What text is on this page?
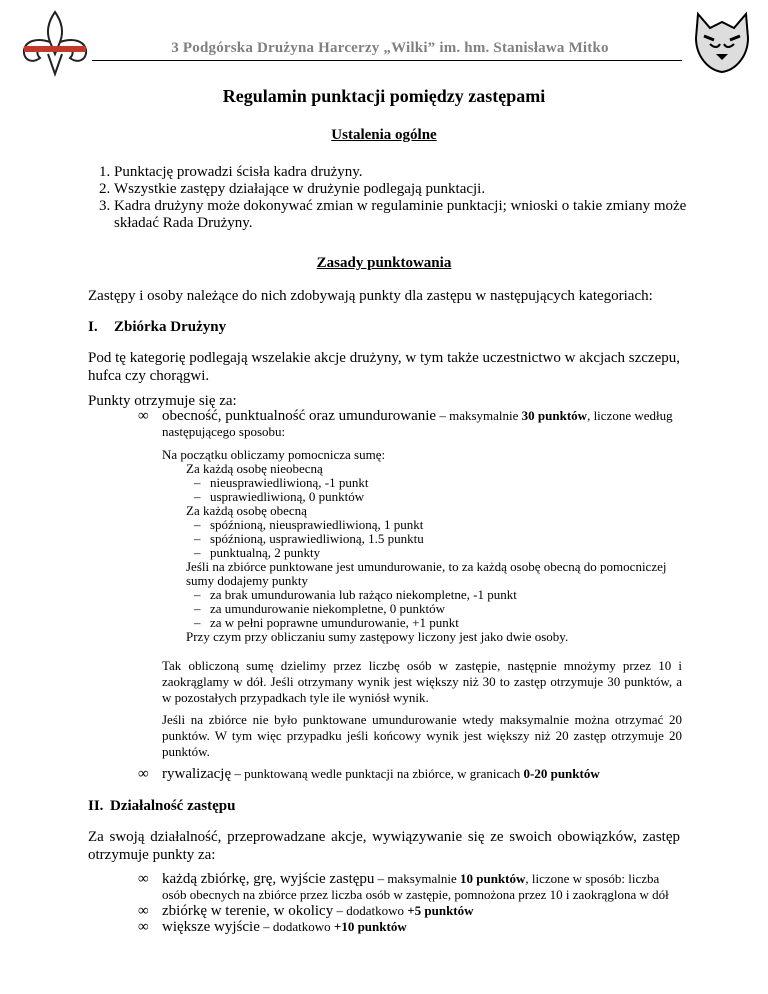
3 Podgórska Drużyna Harcerzy „Wilki” im. hm. Stanisława Mitko
Regulamin punktacji pomiędzy zastępami
Ustalenia ogólne
1. Punktację prowadzi ścisła kadra drużyny.
2. Wszystkie zastępy działające w drużynie podlegają punktacji.
3. Kadra drużyny może dokonywać zmian w regulaminie punktacji; wnioski o takie zmiany może składać Rada Drużyny.
Zasady punktowania
Zastępy i osoby należące do nich zdobywają punkty dla zastępu w następujących kategoriach:
I. Zbiórka Drużyny
Pod tę kategorię podlegają wszelakie akcje drużyny, w tym także uczestnictwo w akcjach szczepu, hufca czy chorągwi.
Punkty otrzymuje się za:
∞ obecność, punktualność oraz umundurowanie – maksymalnie 30 punktów, liczone według następującego sposobu:
Na początku obliczamy pomocnicza sumę:
Za każdą osobę nieobecną
– nieusprawiedliwioną, -1 punkt
– usprawiedliwioną, 0 punktów
Za każdą osobę obecną
– spóźnioną, nieusprawiedliwioną, 1 punkt
– spóźnioną, usprawiedliwioną, 1.5 punktu
– punktualną, 2 punkty
Jeśli na zbiórce punktowane jest umundurowanie, to za każdą osobę obecną do pomocniczej sumy dodajemy punkty
– za brak umundurowania lub rażąco niekompletne, -1 punkt
– za umundurowanie niekompletne, 0 punktów
– za w pełni poprawne umundurowanie, +1 punkt
Przy czym przy obliczaniu sumy zastępowy liczony jest jako dwie osoby.
Tak obliczoną sumę dzielimy przez liczbę osób w zastępie, następnie mnożymy przez 10 i zaokrąglamy w dół. Jeśli otrzymany wynik jest większy niż 30 to zastęp otrzymuje 30 punktów, a w pozostałych przypadkach tyle ile wyniósł wynik.
Jeśli na zbiórce nie było punktowane umundurowanie wtedy maksymalnie można otrzymać 20 punktów. W tym więc przypadku jeśli końcowy wynik jest większy niż 20 zastęp otrzymuje 20 punktów.
∞ rywalizację – punktowaną wedle punktacji na zbiórce, w granicach 0-20 punktów
II. Działalność zastępu
Za swoją działalność, przeprowadzane akcje, wywiązywanie się ze swoich obowiązków, zastęp otrzymuje punkty za:
∞ każdą zbiórkę, grę, wyjście zastępu – maksymalnie 10 punktów, liczone w sposób: liczba osób obecnych na zbiórce przez liczba osób w zastępie, pomnożona przez 10 i zaokrąglona w dół
∞ zbiórkę w terenie, w okolicy – dodatkowo +5 punktów
∞ większe wyjście – dodatkowo +10 punktów
